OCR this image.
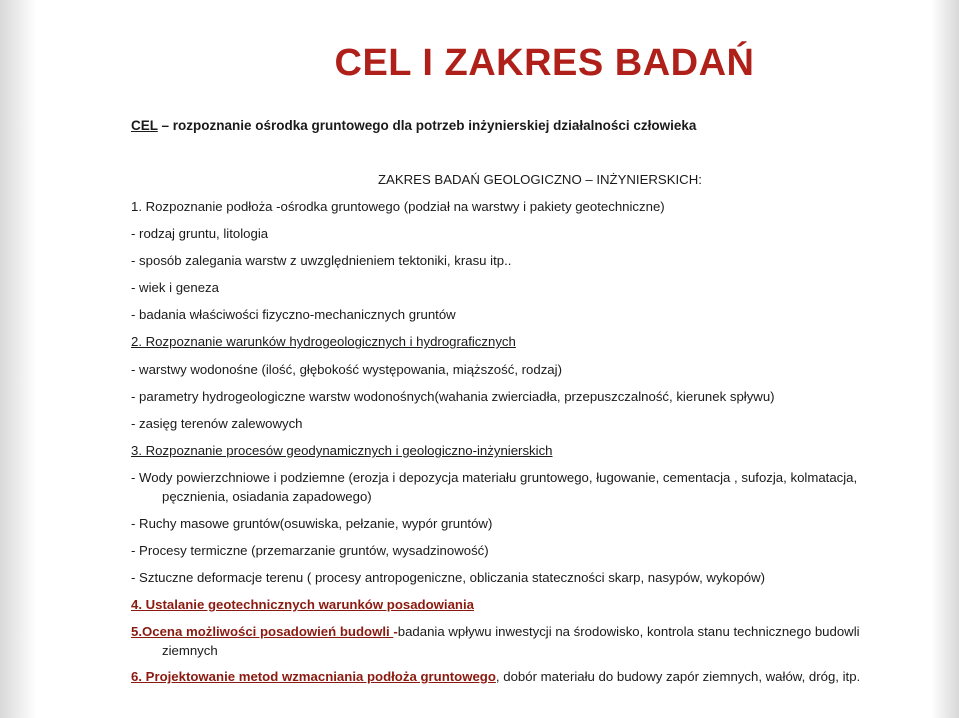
CEL I ZAKRES BADAŃ
CEL – rozpoznanie ośrodka gruntowego dla potrzeb inżynierskiej działalności człowieka
ZAKRES BADAŃ GEOLOGICZNO – INŻYNIERSKICH:
1. Rozpoznanie podłoża -ośrodka gruntowego (podział na warstwy i pakiety geotechniczne)
- rodzaj gruntu, litologia
- sposób zalegania warstw z uwzględnieniem tektoniki, krasu itp..
- wiek i geneza
- badania właściwości fizyczno-mechanicznych gruntów
2. Rozpoznanie warunków hydrogeologicznych i hydrograficznych
- warstwy wodonośne (ilość, głębokość występowania, miąższość, rodzaj)
- parametry hydrogeologiczne warstw wodonośnych(wahania zwierciadła, przepuszczalność, kierunek spływu)
- zasięg terenów zalewowych
3. Rozpoznanie procesów geodynamicznych i geologiczno-inżynierskich
- Wody powierzchniowe i podziemne (erozja i depozycja materiału gruntowego, ługowanie, cementacja , sufozja, kolmatacja,
pęcznienia, osiadania zapadowego)
- Ruchy masowe gruntów(osuwiska, pełzanie, wypór gruntów)
- Procesy termiczne (przemarzanie gruntów, wysadzinowość)
- Sztuczne deformacje terenu ( procesy antropogeniczne, obliczania stateczności skarp, nasypów, wykopów)
4. Ustalanie geotechnicznych warunków posadowiania
5.Ocena możliwości posadowień budowli -badania wpływu inwestycji na środowisko, kontrola stanu technicznego budowli
ziemnych
6. Projektowanie metod wzmacniania podłoża gruntowego, dobór materiału do budowy zapór ziemnych, wałów, dróg, itp.
